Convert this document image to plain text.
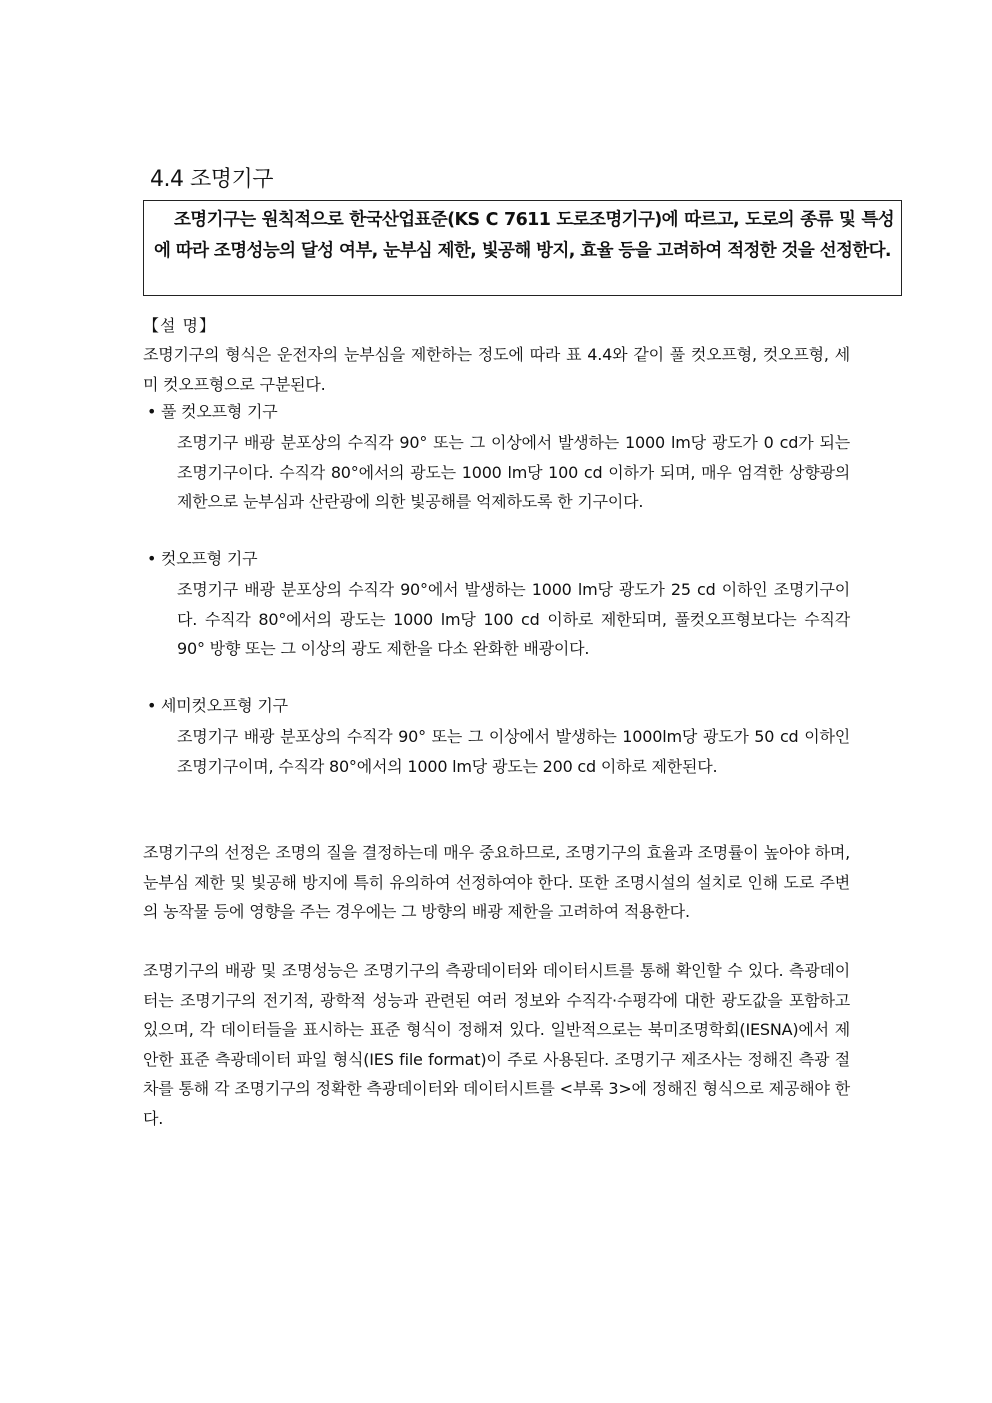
4.4 조명기구
조명기구는 원칙적으로 한국산업표준(KS C 7611 도로조명기구)에 따르고, 도로의 종류 및 특성에 따라 조명성능의 달성 여부, 눈부심 제한, 빛공해 방지, 효율 등을 고려하여 적정한 것을 선정한다.
【설 명】

조명기구의 형식은 운전자의 눈부심을 제한하는 정도에 따라 표 4.4와 같이 풀 컷오프형, 컷오프형, 세미 컷오프형으로 구분된다.

• 풀 컷오프형 기구

조명기구 배광 분포상의 수직각 90° 또는 그 이상에서 발생하는 1000 lm당 광도가 0 cd가 되는 조명기구이다. 수직각 80°에서의 광도는 1000 lm당 100 cd 이하가 되며, 매우 엄격한 상향광의 제한으로 눈부심과 산란광에 의한 빛공해를 억제하도록 한 기구이다.

• 컷오프형 기구

조명기구 배광 분포상의 수직각 90°에서 발생하는 1000 lm당 광도가 25 cd 이하인 조명기구이다. 수직각 80°에서의 광도는 1000 lm당 100 cd 이하로 제한되며, 풀컷오프형보다는 수직각 90° 방향 또는 그 이상의 광도 제한을 다소 완화한 배광이다.

• 세미컷오프형 기구

조명기구 배광 분포상의 수직각 90° 또는 그 이상에서 발생하는 1000lm당 광도가 50 cd 이하인 조명기구이며, 수직각 80°에서의 1000 lm당 광도는 200 cd 이하로 제한된다.

조명기구의 선정은 조명의 질을 결정하는데 매우 중요하므로, 조명기구의 효율과 조명률이 높아야 하며, 눈부심 제한 및 빛공해 방지에 특히 유의하여 선정하여야 한다. 또한 조명시설의 설치로 인해 도로 주변의 농작물 등에 영향을 주는 경우에는 그 방향의 배광 제한을 고려하여 적용한다.

조명기구의 배광 및 조명성능은 조명기구의 측광데이터와 데이터시트를 통해 확인할 수 있다. 측광데이터는 조명기구의 전기적, 광학적 성능과 관련된 여러 정보와 수직각·수평각에 대한 광도값을 포함하고 있으며, 각 데이터들을 표시하는 표준 형식이 정해져 있다. 일반적으로는 북미조명학회(IESNA)에서 제안한 표준 측광데이터 파일 형식(IES file format)이 주로 사용된다. 조명기구 제조사는 정해진 측광 절차를 통해 각 조명기구의 정확한 측광데이터와 데이터시트를 <부록 3>에 정해진 형식으로 제공해야 한다.
